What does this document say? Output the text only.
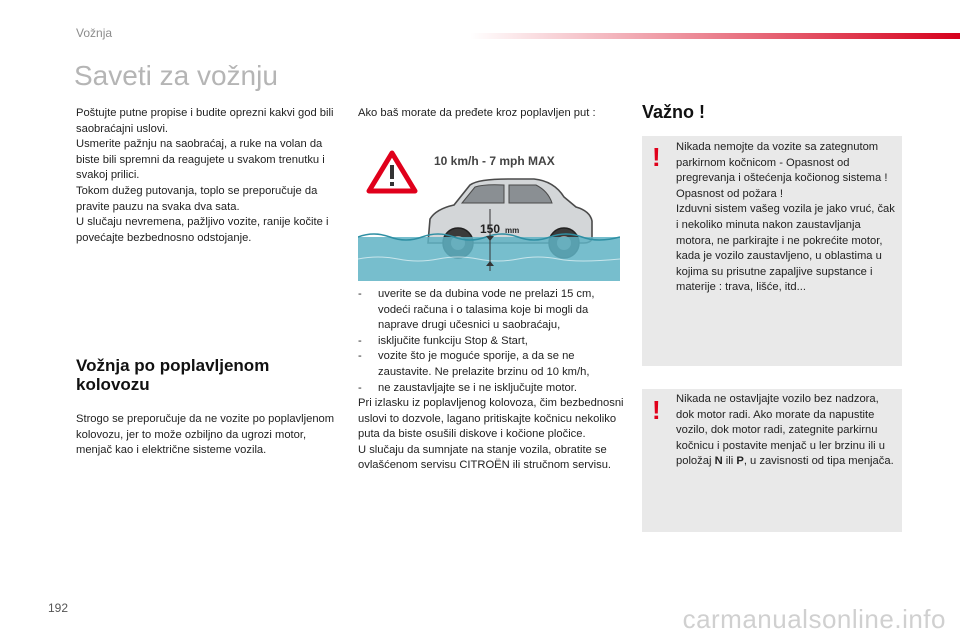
Vožnja
Saveti za vožnju

Poštujte putne propise i budite oprezni kakvi god bili saobraćajni uslovi.

Usmerite pažnju na saobraćaj, a ruke na volan da biste bili spremni da reagujete u svakom trenutku i svakoj prilici.

Tokom dužeg putovanja, toplo se preporučuje da pravite pauzu na svaka dva sata.

U slučaju nevremena, pažljivo vozite, ranije kočite i povećajte bezbednosno odstojanje.

Vožnja po poplavljenom kolovozu

Strogo se preporučuje da ne vozite po poplavljenom kolovozu, jer to može ozbiljno da ugrozi motor, menjač kao i električne sisteme vozila.

Ako baš morate da pređete kroz poplavljen put :

10 km/h - 7 mph MAX
150 mm
- uverite se da dubina vode ne prelazi 15 cm, vodeći računa i o talasima koje bi mogli da naprave drugi učesnici u saobraćaju,
- isključite funkciju Stop & Start,
- vozite što je moguće sporije, a da se ne zaustavite. Ne prelazite brzinu od 10 km/h,
- ne zaustavljajte se i ne isključujte motor.

Pri izlasku iz poplavljenog kolovoza, čim bezbednosni uslovi to dozvole, lagano pritiskajte kočnicu nekoliko puta da biste osušili diskove i kočione pločice.

U slučaju da sumnjate na stanje vozila, obratite se ovlašćenom servisu CITROËN ili stručnom servisu.

Važno !
! Nikada nemojte da vozite sa zategnutom parkirnom kočnicom - Opasnost od pregrevanja i oštećenja kočionog sistema !
Opasnost od požara !
Izduvni sistem vašeg vozila je jako vruć, čak i nekoliko minuta nakon zaustavljanja motora, ne parkirajte i ne pokrećite motor, kada je vozilo zaustavljeno, u oblastima u kojima su prisutne zapaljive supstance i materije : trava, lišće, itd...
! Nikada ne ostavljajte vozilo bez nadzora, dok motor radi. Ako morate da napustite vozilo, dok motor radi, zategnite parkirnu kočnicu i postavite menjač u ler brzinu ili u položaj N ili P, u zavisnosti od tipa menjača.
192	carmanualsonline.info
